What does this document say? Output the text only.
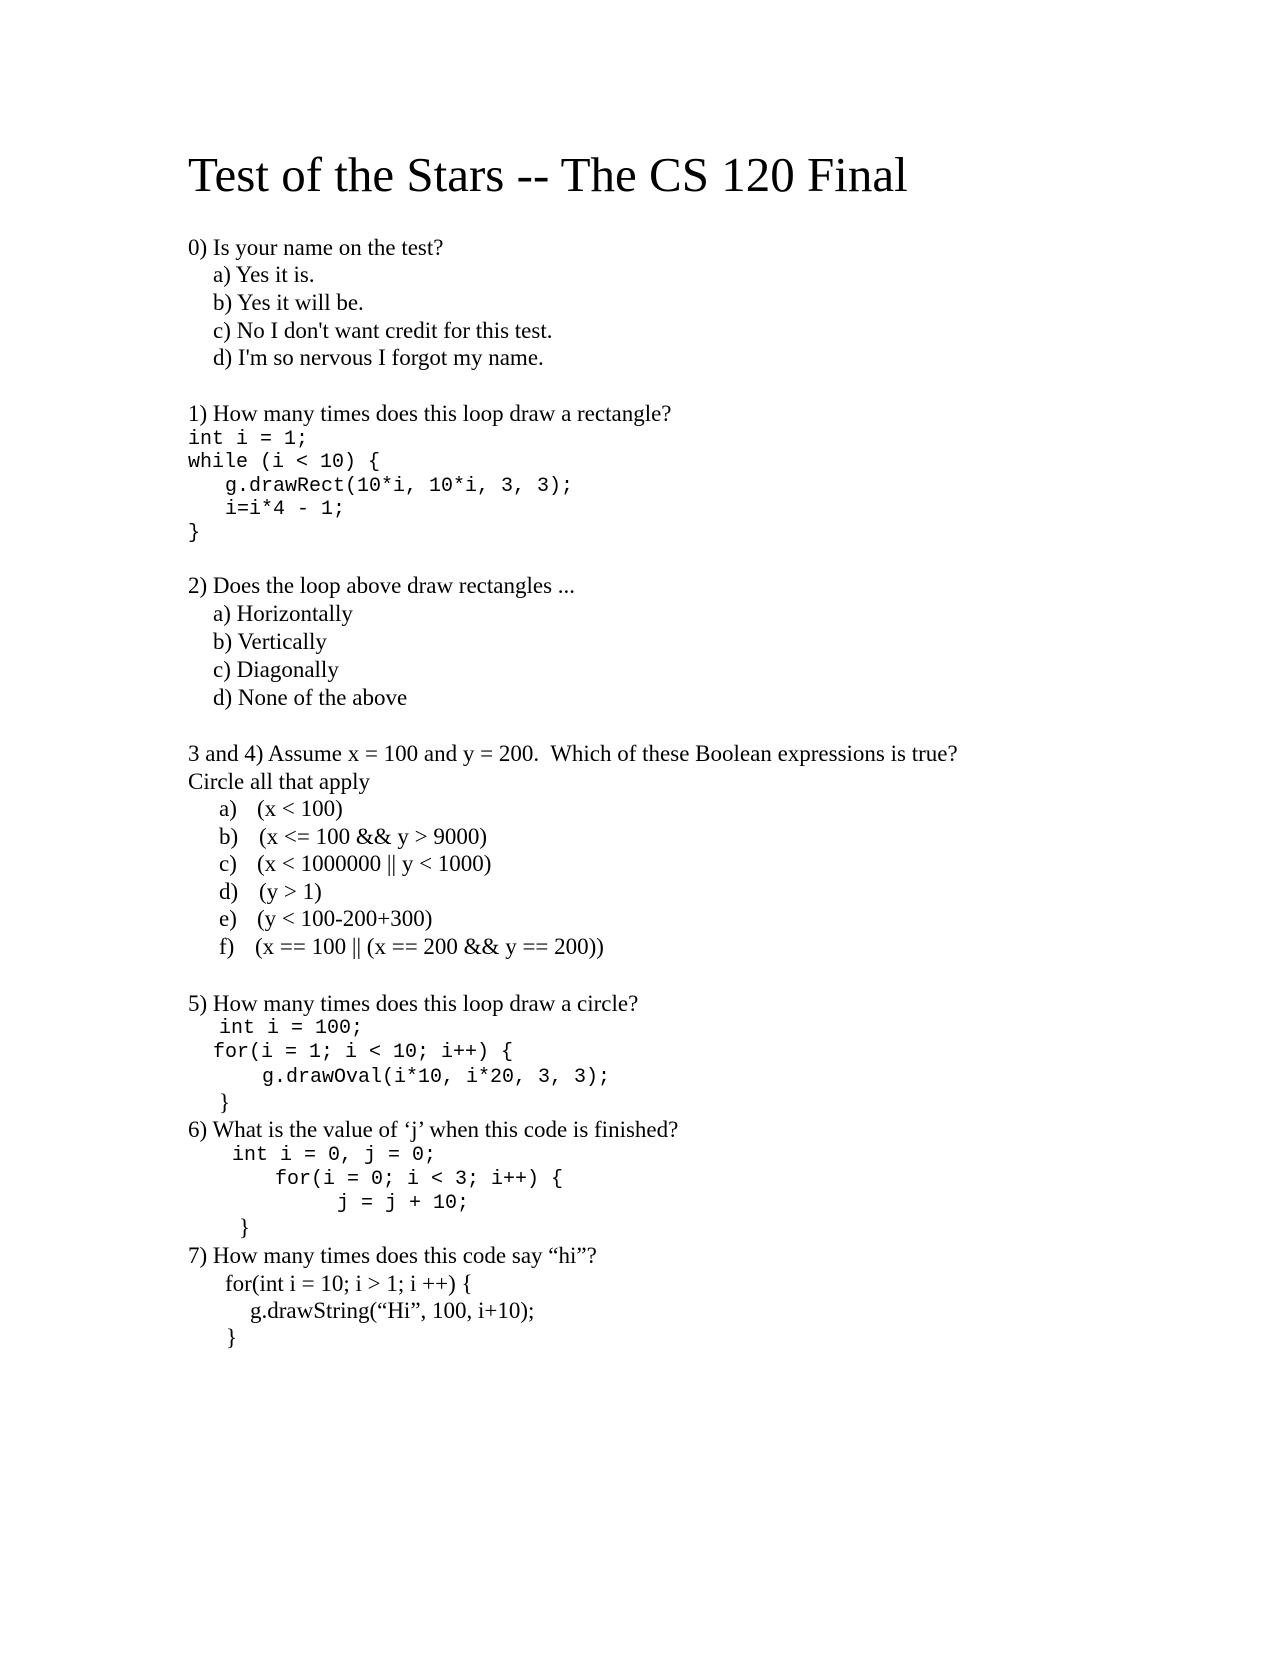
Test of the Stars -- The CS 120 Final
0) Is your name on the test?
a) Yes it is.
b) Yes it will be.
c) No I don't want credit for this test.
d) I'm so nervous I forgot my name.
1) How many times does this loop draw a rectangle?
int i = 1;
while (i < 10) {
g.drawRect(10*i, 10*i, 3, 3);
i=i*4 - 1;
}
2) Does the loop above draw rectangles ...
a) Horizontally
b) Vertically
c) Diagonally
d) None of the above
3 and 4) Assume x = 100 and y = 200.  Which of these Boolean expressions is true?
Circle all that apply
a) (x < 100)
b) (x <= 100 && y > 9000)
c) (x < 1000000 || y < 1000)
d) (y > 1)
e) (y < 100-200+300)
f) (x == 100 || (x == 200 && y == 200))
5) How many times does this loop draw a circle?
int i = 100;
for(i = 1; i < 10; i++) {
g.drawOval(i*10, i*20, 3, 3);
}
6) What is the value of ‘j’ when this code is finished?
int i = 0, j = 0;
for(i = 0; i < 3; i++) {
j = j + 10;
}
7) How many times does this code say “hi”?
for(int i = 10; i > 1; i ++) {
g.drawString(“Hi”, 100, i+10);
}
